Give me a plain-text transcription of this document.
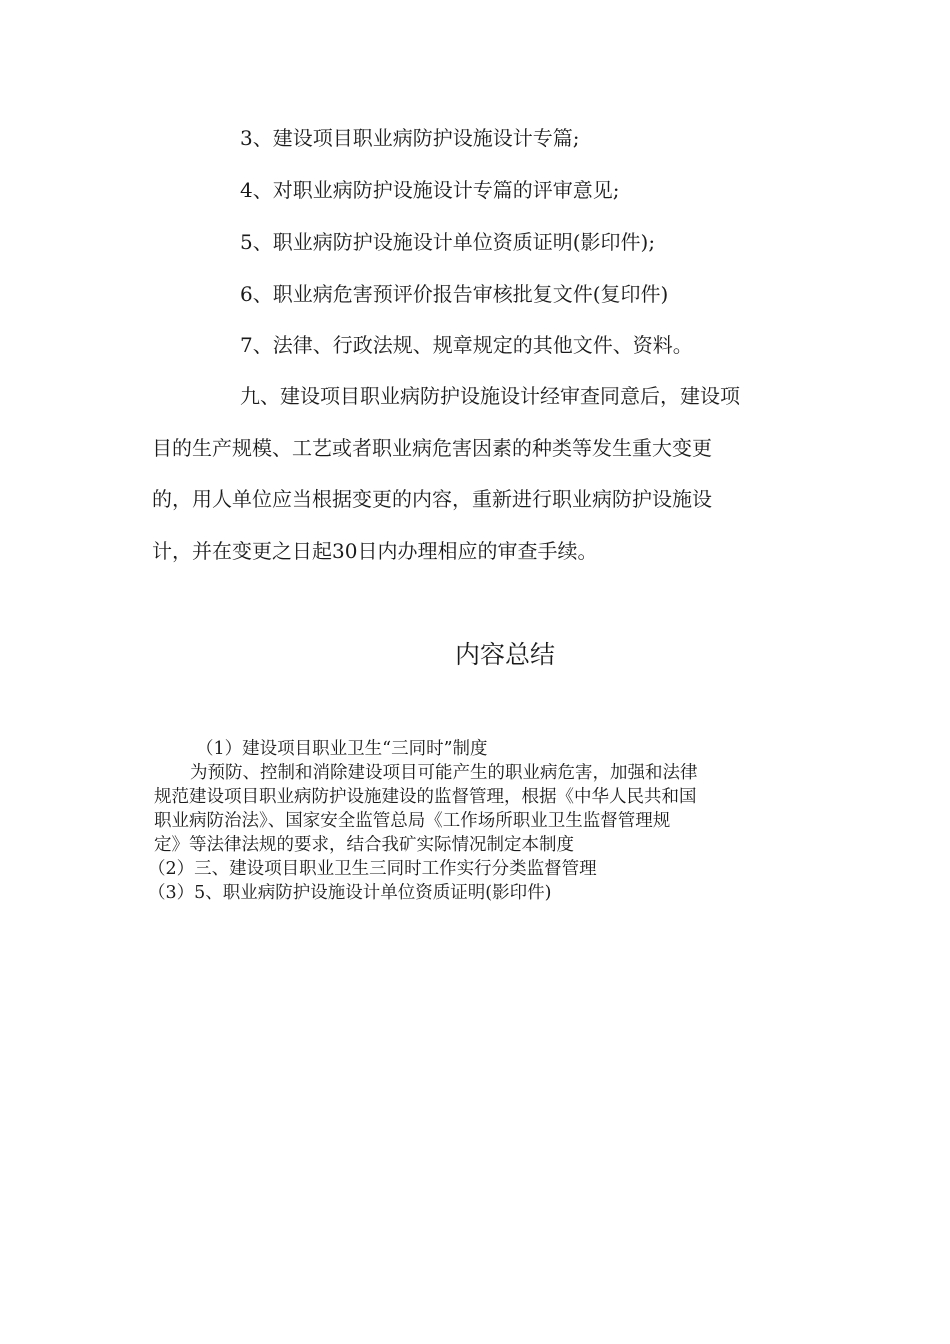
3、建设项目职业病防护设施设计专篇;
4、对职业病防护设施设计专篇的评审意见;
5、职业病防护设施设计单位资质证明(影印件);
6、职业病危害预评价报告审核批复文件(复印件)
7、法律、行政法规、规章规定的其他文件、资料。
九、建设项目职业病防护设施设计经审查同意后，建设项
目的生产规模、工艺或者职业病危害因素的种类等发生重大变更
的，用人单位应当根据变更的内容，重新进行职业病防护设施设
计，并在变更之日起30日内办理相应的审查手续。
内容总结
（1）建设项目职业卫生“三同时”制度
为预防、控制和消除建设项目可能产生的职业病危害，加强和法律
规范建设项目职业病防护设施建设的监督管理，根据《中华人民共和国
职业病防治法》、国家安全监管总局《工作场所职业卫生监督管理规
定》等法律法规的要求，结合我矿实际情况制定本制度
（2）三、建设项目职业卫生三同时工作实行分类监督管理
（3）5、职业病防护设施设计单位资质证明(影印件)
